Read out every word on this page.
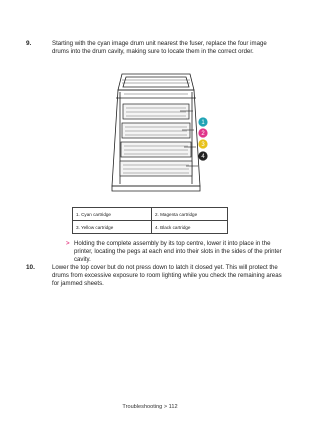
9.	Starting with the cyan image drum unit nearest the fuser, replace the four image drums into the drum cavity, making sure to locate them in the correct order.
1
2
3
4
1. Cyan cartridge	2. Magenta cartridge
3. Yellow cartridge	4. Black cartridge
> Holding the complete assembly by its top centre, lower it into place in the printer, locating the pegs at each end into their slots in the sides of the printer cavity.
10.	Lower the top cover but do not press down to latch it closed yet. This will protect the drums from excessive exposure to room lighting while you check the remaining areas for jammed sheets.
Troubleshooting > 112
